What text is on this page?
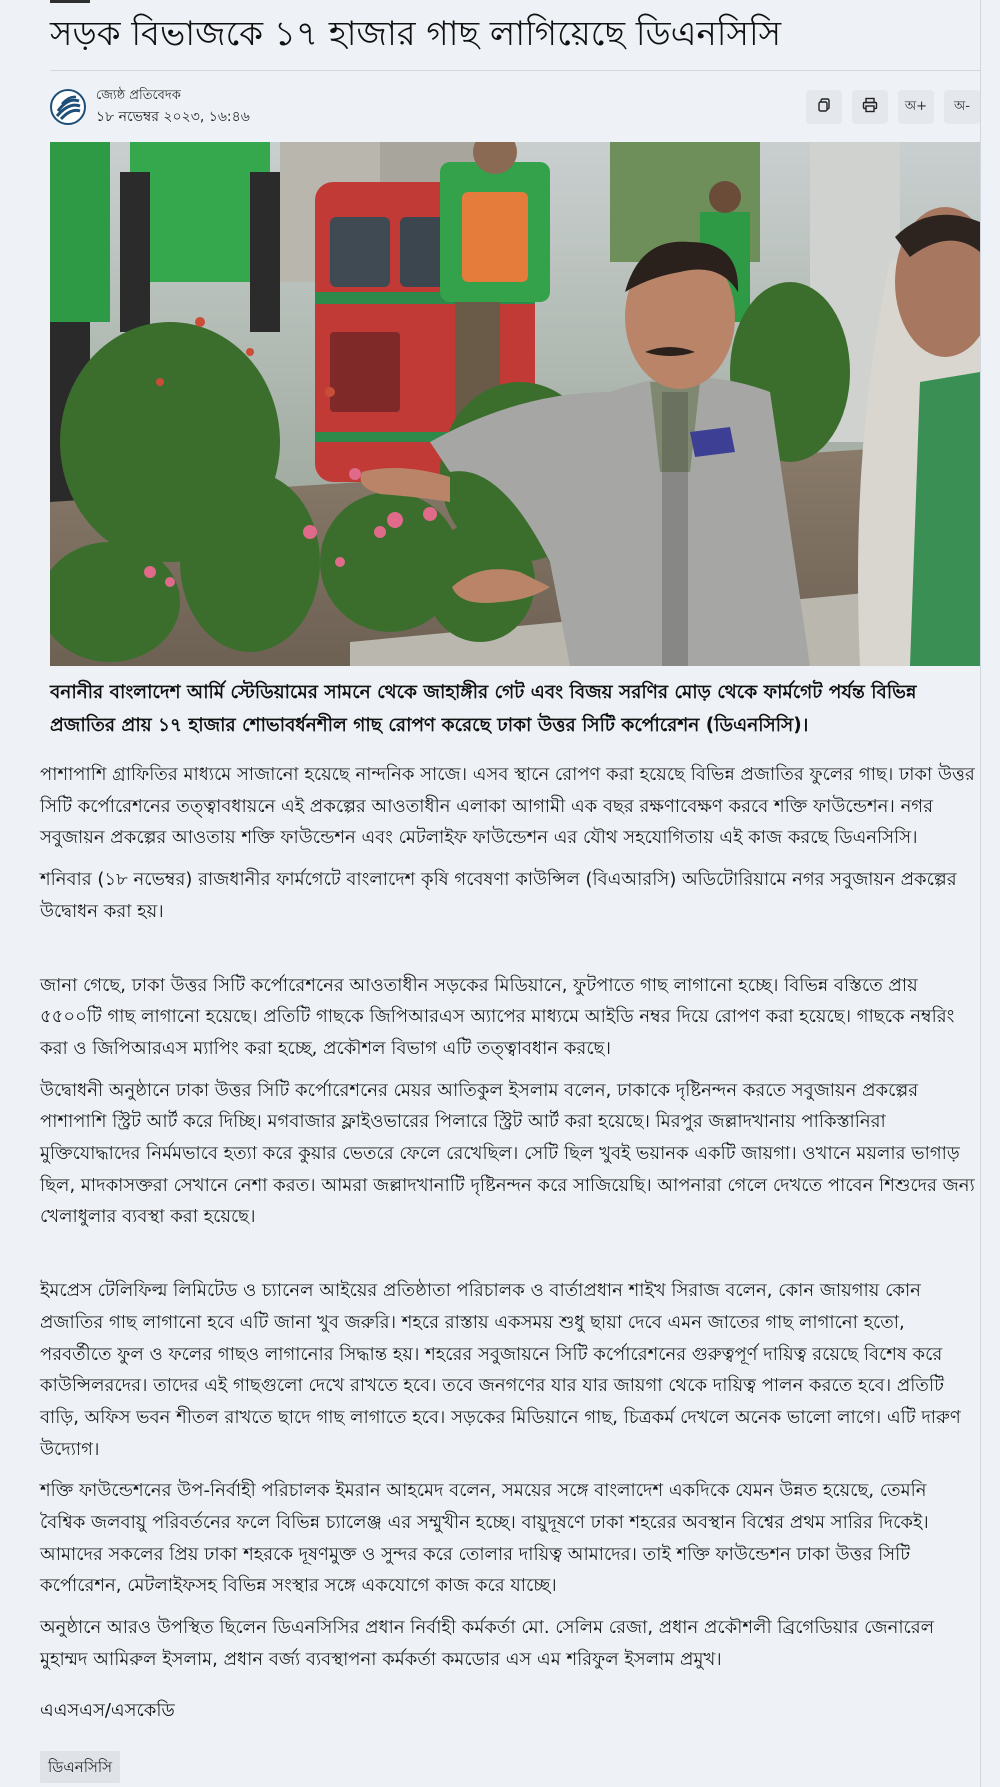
সড়ক বিভাজকে ১৭ হাজার গাছ লাগিয়েছে ডিএনসিসি
জ্যেষ্ঠ প্রতিবেদক
১৮ নভেম্বর ২০২৩, ১৬:৪৬
অ+	অ-

বনানীর বাংলাদেশ আর্মি স্টেডিয়ামের সামনে থেকে জাহাঙ্গীর গেট এবং বিজয় সরণির মোড় থেকে ফার্মগেট পর্যন্ত বিভিন্ন প্রজাতির প্রায় ১৭ হাজার শোভাবর্ধনশীল গাছ রোপণ করেছে ঢাকা উত্তর সিটি কর্পোরেশন (ডিএনসিসি)।

পাশাপাশি গ্রাফিতির মাধ্যমে সাজানো হয়েছে নান্দনিক সাজে। এসব স্থানে রোপণ করা হয়েছে বিভিন্ন প্রজাতির ফুলের গাছ। ঢাকা উত্তর সিটি কর্পোরেশনের তত্ত্বাবধায়নে এই প্রকল্পের আওতাধীন এলাকা আগামী এক বছর রক্ষণাবেক্ষণ করবে শক্তি ফাউন্ডেশন। নগর সবুজায়ন প্রকল্পের আওতায় শক্তি ফাউন্ডেশন এবং মেটলাইফ ফাউন্ডেশন এর যৌথ সহযোগিতায় এই কাজ করছে ডিএনসিসি।

শনিবার (১৮ নভেম্বর) রাজধানীর ফার্মগেটে বাংলাদেশ কৃষি গবেষণা কাউন্সিল (বিএআরসি) অডিটোরিয়ামে নগর সবুজায়ন প্রকল্পের উদ্বোধন করা হয়।

জানা গেছে, ঢাকা উত্তর সিটি কর্পোরেশনের আওতাধীন সড়কের মিডিয়ানে, ফুটপাতে গাছ লাগানো হচ্ছে। বিভিন্ন বস্তিতে প্রায় ৫৫০০টি গাছ লাগানো হয়েছে। প্রতিটি গাছকে জিপিআরএস অ্যাপের মাধ্যমে আইডি নম্বর দিয়ে রোপণ করা হয়েছে। গাছকে নম্বরিং করা ও জিপিআরএস ম্যাপিং করা হচ্ছে, প্রকৌশল বিভাগ এটি তত্ত্বাবধান করছে।

উদ্বোধনী অনুষ্ঠানে ঢাকা উত্তর সিটি কর্পোরেশনের মেয়র আতিকুল ইসলাম বলেন, ঢাকাকে দৃষ্টিনন্দন করতে সবুজায়ন প্রকল্পের পাশাপাশি স্ট্রিট আর্ট করে দিচ্ছি। মগবাজার ফ্লাইওভারের পিলারে স্ট্রিট আর্ট করা হয়েছে। মিরপুর জল্লাদখানায় পাকিস্তানিরা মুক্তিযোদ্ধাদের নির্মমভাবে হত্যা করে কুয়ার ভেতরে ফেলে রেখেছিল। সেটি ছিল খুবই ভয়ানক একটি জায়গা। ওখানে ময়লার ভাগাড় ছিল, মাদকাসক্তরা সেখানে নেশা করত। আমরা জল্লাদখানাটি দৃষ্টিনন্দন করে সাজিয়েছি। আপনারা গেলে দেখতে পাবেন শিশুদের জন্য খেলাধুলার ব্যবস্থা করা হয়েছে।

ইমপ্রেস টেলিফিল্ম লিমিটেড ও চ্যানেল আইয়ের প্রতিষ্ঠাতা পরিচালক ও বার্তাপ্রধান শাইখ সিরাজ বলেন, কোন জায়গায় কোন প্রজাতির গাছ লাগানো হবে এটি জানা খুব জরুরি। শহরে রাস্তায় একসময় শুধু ছায়া দেবে এমন জাতের গাছ লাগানো হতো, পরবর্তীতে ফুল ও ফলের গাছও লাগানোর সিদ্ধান্ত হয়। শহরের সবুজায়নে সিটি কর্পোরেশনের গুরুত্বপূর্ণ দায়িত্ব রয়েছে বিশেষ করে কাউন্সিলরদের। তাদের এই গাছগুলো দেখে রাখতে হবে। তবে জনগণের যার যার জায়গা থেকে দায়িত্ব পালন করতে হবে। প্রতিটি বাড়ি, অফিস ভবন শীতল রাখতে ছাদে গাছ লাগাতে হবে। সড়কের মিডিয়ানে গাছ, চিত্রকর্ম দেখলে অনেক ভালো লাগে। এটি দারুণ উদ্যোগ।

শক্তি ফাউন্ডেশনের উপ-নির্বাহী পরিচালক ইমরান আহমেদ বলেন, সময়ের সঙ্গে বাংলাদেশ একদিকে যেমন উন্নত হয়েছে, তেমনি বৈশ্বিক জলবায়ু পরিবর্তনের ফলে বিভিন্ন চ্যালেঞ্জ এর সম্মুখীন হচ্ছে। বায়ুদূষণে ঢাকা শহরের অবস্থান বিশ্বের প্রথম সারির দিকেই। আমাদের সকলের প্রিয় ঢাকা শহরকে দূষণমুক্ত ও সুন্দর করে তোলার দায়িত্ব আমাদের। তাই শক্তি ফাউন্ডেশন ঢাকা উত্তর সিটি কর্পোরেশন, মেটলাইফসহ বিভিন্ন সংস্থার সঙ্গে একযোগে কাজ করে যাচ্ছে।

অনুষ্ঠানে আরও উপস্থিত ছিলেন ডিএনসিসির প্রধান নির্বাহী কর্মকর্তা মো. সেলিম রেজা, প্রধান প্রকৌশলী ব্রিগেডিয়ার জেনারেল মুহাম্মদ আমিরুল ইসলাম, প্রধান বর্জ্য ব্যবস্থাপনা কর্মকর্তা কমডোর এস এম শরিফুল ইসলাম প্রমুখ।

এএসএস/এসকেডি
ডিএনসিসি
